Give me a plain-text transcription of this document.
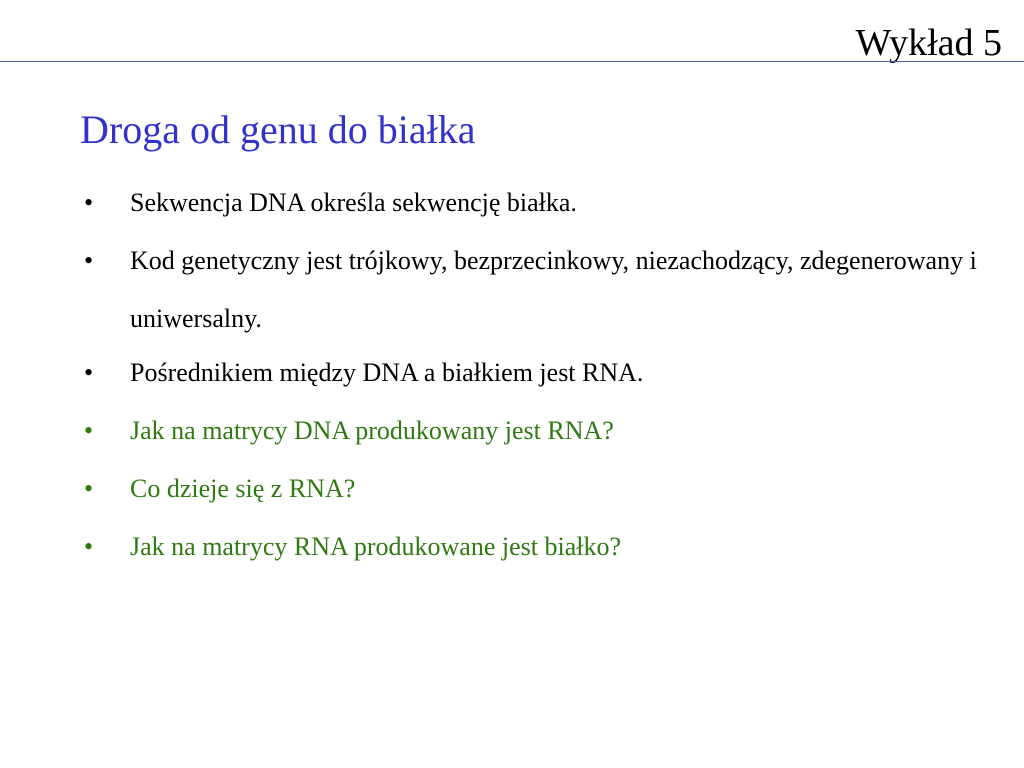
Wykład 5
Droga od genu do białka
• Sekwencja DNA określa sekwencję białka.
• Kod genetyczny jest trójkowy, bezprzecinkowy, niezachodzący, zdegenerowany i uniwersalny.
• Pośrednikiem między DNA a białkiem jest RNA.
• Jak na matrycy DNA produkowany jest RNA?
• Co dzieje się z RNA?
• Jak na matrycy RNA produkowane jest białko?
